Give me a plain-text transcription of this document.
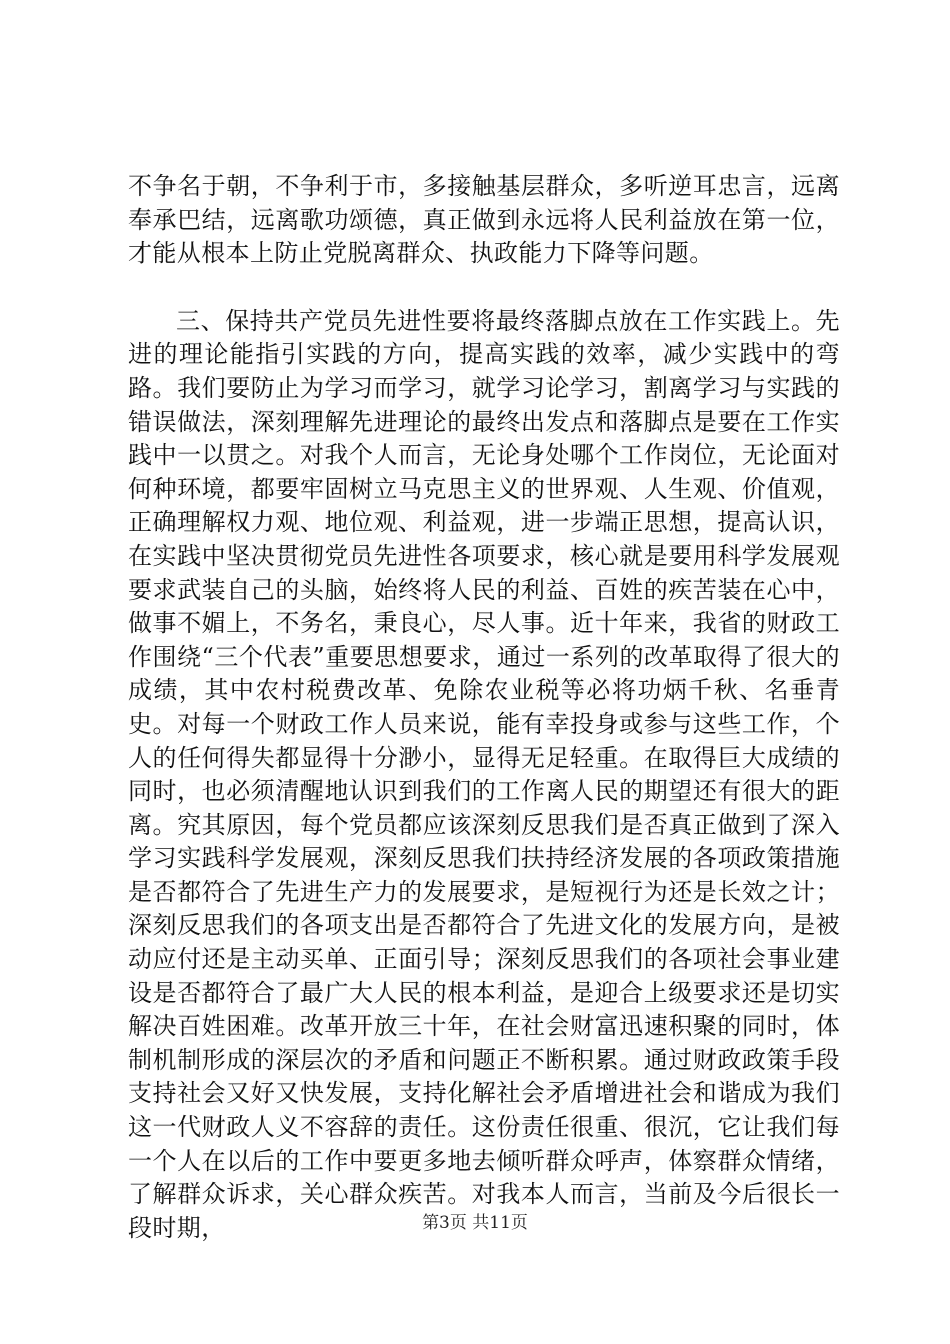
不争名于朝，不争利于市，多接触基层群众，多听逆耳忠言，远离奉承巴结，远离歌功颂德，真正做到永远将人民利益放在第一位，才能从根本上防止党脱离群众、执政能力下降等问题。

三、保持共产党员先进性要将最终落脚点放在工作实践上。先进的理论能指引实践的方向，提高实践的效率，减少实践中的弯路。我们要防止为学习而学习，就学习论学习，割离学习与实践的错误做法，深刻理解先进理论的最终出发点和落脚点是要在工作实践中一以贯之。对我个人而言，无论身处哪个工作岗位，无论面对何种环境，都要牢固树立马克思主义的世界观、人生观、价值观，正确理解权力观、地位观、利益观，进一步端正思想，提高认识，在实践中坚决贯彻党员先进性各项要求，核心就是要用科学发展观要求武装自己的头脑，始终将人民的利益、百姓的疾苦装在心中，做事不媚上，不务名，秉良心，尽人事。近十年来，我省的财政工作围绕“三个代表”重要思想要求，通过一系列的改革取得了很大的成绩，其中农村税费改革、免除农业税等必将功炳千秋、名垂青史。对每一个财政工作人员来说，能有幸投身或参与这些工作，个人的任何得失都显得十分渺小，显得无足轻重。在取得巨大成绩的同时，也必须清醒地认识到我们的工作离人民的期望还有很大的距离。究其原因，每个党员都应该深刻反思我们是否真正做到了深入学习实践科学发展观，深刻反思我们扶持经济发展的各项政策措施是否都符合了先进生产力的发展要求，是短视行为还是长效之计；深刻反思我们的各项支出是否都符合了先进文化的发展方向，是被动应付还是主动买单、正面引导；深刻反思我们的各项社会事业建设是否都符合了最广大人民的根本利益，是迎合上级要求还是切实解决百姓困难。改革开放三十年，在社会财富迅速积聚的同时，体制机制形成的深层次的矛盾和问题正不断积累。通过财政政策手段支持社会又好又快发展，支持化解社会矛盾增进社会和谐成为我们这一代财政人义不容辞的责任。这份责任很重、很沉，它让我们每一个人在以后的工作中要更多地去倾听群众呼声，体察群众情绪，了解群众诉求，关心群众疾苦。对我本人而言，当前及今后很长一段时期，	第3页 共11页
